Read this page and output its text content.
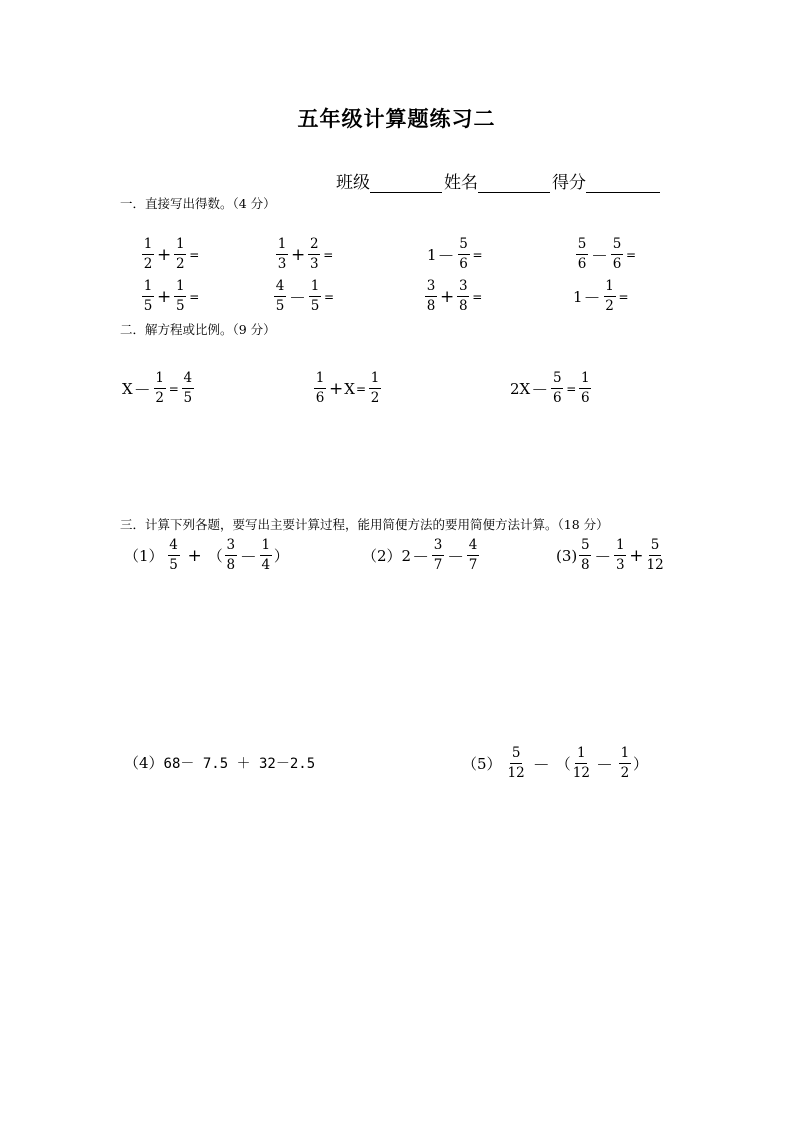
五年级计算题练习二
班级	姓名	得分
一．直接写出得数。（4 分）
$\frac{1}{2} + \frac{1}{2}$ =	$\frac{1}{3} + \frac{2}{3}$ =	$1 - \frac{5}{6}$ =	$\frac{5}{6} - \frac{5}{6}$ =
$\frac{1}{5} + \frac{1}{5}$ =	$\frac{4}{5} - \frac{1}{5}$ =	$\frac{3}{8} + \frac{3}{8}$ =	$1 - \frac{1}{2}$ =
二．解方程或比例。（9 分）
$X - \frac{1}{2} = \frac{4}{5}$	$\frac{1}{6} + X = \frac{1}{2}$	$2X - \frac{5}{6} = \frac{1}{6}$
三．计算下列各题，要写出主要计算过程，能用简便方法的要用简便方法计算。（18 分）
$(1) \frac{4}{5}$ + （ $\frac{3}{8} - \frac{1}{4}$ ）	（2） $2 - \frac{3}{7} - \frac{4}{7}$	$(3) \frac{5}{8} - \frac{1}{3} + \frac{5}{12}$
（4） 68－ 7.5 ＋ 32－2.5	$(5) \frac{5}{12}$ － （ $\frac{1}{12} - \frac{1}{2}$ ）
